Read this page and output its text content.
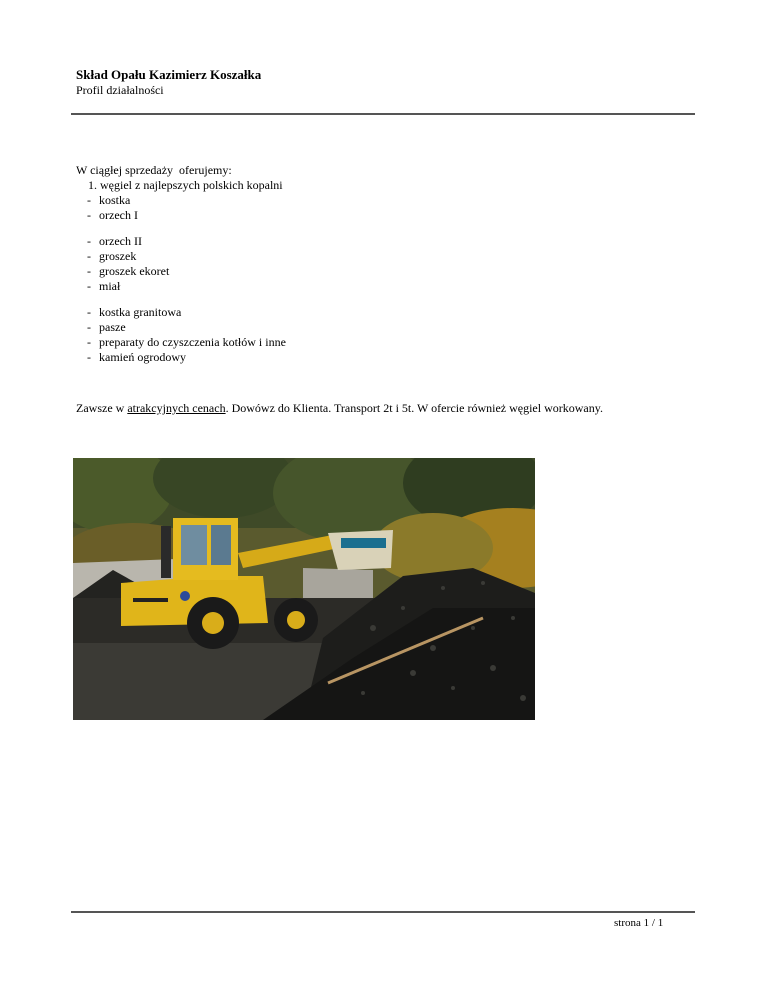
Skład Opału Kazimierz Koszałka
Profil działalności
W ciągłej sprzedaży  oferujemy:
1. węgiel z najlepszych polskich kopalni
- kostka
- orzech I
- orzech II
- groszek
- groszek ekoret
- miał
- kostka granitowa
- pasze
- preparaty do czyszczenia kotłów i inne
- kamień ogrodowy

Zawsze w atrakcyjnych cenach. Dowówz do Klienta. Transport 2t i 5t. W ofercie również węgiel workowany.

strona 1 / 1
